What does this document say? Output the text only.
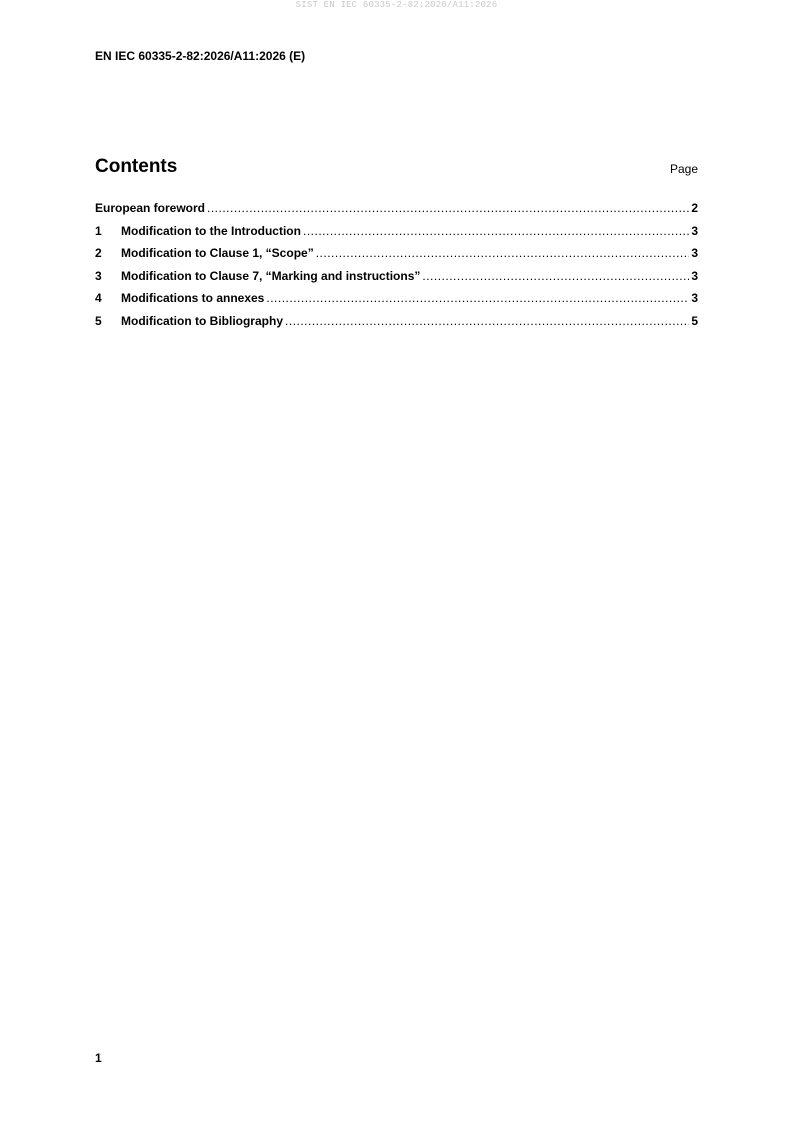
SIST EN IEC 60335-2-82:2026/A11:2026
EN IEC 60335-2-82:2026/A11:2026 (E)
Contents	Page
European foreword .....	2
1	Modification to the Introduction .....	3
2	Modification to Clause 1, “Scope” .....	3
3	Modification to Clause 7, “Marking and instructions” .....	3
4	Modifications to annexes .....	3
5	Modification to Bibliography .....	5
1
